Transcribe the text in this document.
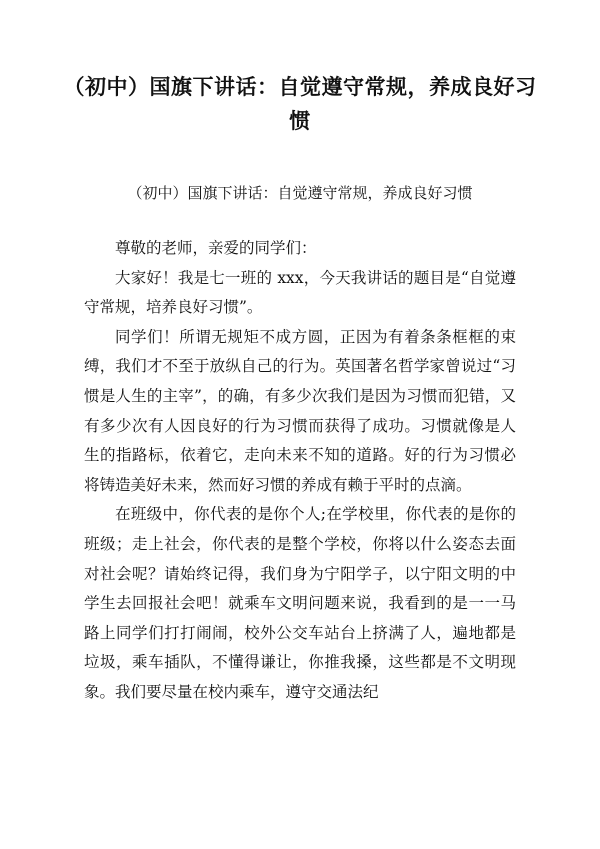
（初中）国旗下讲话：自觉遵守常规，养成良好习惯

（初中）国旗下讲话：自觉遵守常规，养成良好习惯

尊敬的老师，亲爱的同学们：

大家好！我是七一班的 xxx，今天我讲话的题目是“自觉遵守常规，培养良好习惯”。

同学们！所谓无规矩不成方圆，正因为有着条条框框的束缚，我们才不至于放纵自己的行为。英国著名哲学家曾说过“习惯是人生的主宰”，的确，有多少次我们是因为习惯而犯错，又有多少次有人因良好的行为习惯而获得了成功。习惯就像是人生的指路标，依着它，走向未来不知的道路。好的行为习惯必将铸造美好未来，然而好习惯的养成有赖于平时的点滴。

在班级中，你代表的是你个人;在学校里，你代表的是你的班级；走上社会，你代表的是整个学校，你将以什么姿态去面对社会呢？请始终记得，我们身为宁阳学子，以宁阳文明的中学生去回报社会吧！就乘车文明问题来说，我看到的是一一马路上同学们打打闹闹，校外公交车站台上挤满了人，遍地都是垃圾，乘车插队，不懂得谦让，你推我搡，这些都是不文明现象。我们要尽量在校内乘车，遵守交通法纪
